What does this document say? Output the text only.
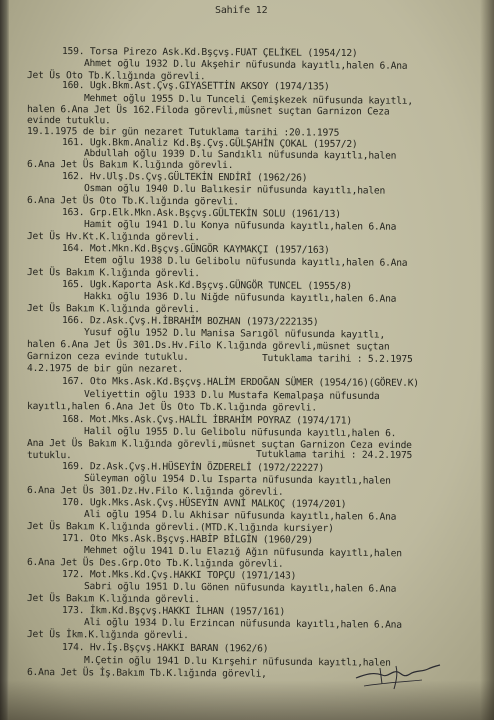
Sahife 12
159. Torsa Pirezo Ask.Kd.Bşçvş.FUAT ÇELİKEL (1954/12)
Ahmet oğlu 1932 D.lu Akşehir nüfusunda kayıtlı,halen 6.Ana
Jet Üs Oto Tb.K.lığında görevli.
160. Ugk.Bkm.Ast.Çvş.GIYASETTİN AKSOY (1974/135)
Mehmet oğlu 1955 D.lu Tunceli Çemişkezek nüfusunda kayıtlı,
halen 6.Ana Jet Üs 162.Filoda görevli,müsnet suçtan Garnizon Ceza
evinde tutuklu.
19.1.1975 de bir gün nezaret Tutuklama tarihi :20.1.1975
161. Ugk.Bkm.Analiz Kd.Bş.Çvş.GÜLŞAHİN ÇOKAL (1957/2)
Abdullah oğlu 1939 D.lu Sandıklı nüfusunda kayıtlı,halen
6.Ana Jet Üs Bakım K.lığında görevli.
162. Hv.Ulş.Ds.Çvş.GÜLTEKİN ENDİRİ (1962/26)
Osman oğlu 1940 D.lu Balıkesir nüfusunda kayıtlı,halen
6.Ana Jet Üs Oto Tb.K.lığında görevli.
163. Grp.Elk.Mkn.Ask.Bşçvş.GÜLTEKİN SOLU (1961/13)
Hamit oğlu 1941 D.lu Konya nüfusunda kayıtlı,halen 6.Ana
Jet Üs Hv.Kt.K.lığında görevli.
164. Mot.Mkn.Kd.Bşçvş.GÜNGÖR KAYMAKÇI (1957/163)
Etem oğlu 1938 D.lu Gelibolu nüfusunda kayıtlı,halen 6.Ana
Jet Üs Bakım K.lığında görevli.
165. Ugk.Kaporta Ask.Kd.Bşçvş.GÜNGÖR TUNCEL (1955/8)
Hakkı oğlu 1936 D.lu Niğde nüfusunda kayıtlı,halen 6.Ana
Jet Üs Bakım K.lığında görevli.
166. Dz.Ask.Çvş.H.İBRAHİM BOZHAN (1973/222135)
Yusuf oğlu 1952 D.lu Manisa Sarıgöl nüfusunda kayıtlı,
halen 6.Ana Jet Üs 301.Ds.Hv.Filo K.lığında görevli,müsnet suçtan
Garnizon ceza evinde tutuklu.	Tutuklama tarihi : 5.2.1975
4.2.1975 de bir gün nezaret.
167. Oto Mks.Ask.Kd.Bşçvş.HALİM ERDOĞAN SÜMER (1954/16)(GÖREV.K)
Veliyettin oğlu 1933 D.lu Mustafa Kemalpaşa nüfusunda
kayıtlı,halen 6.Ana Jet Üs Oto Tb.K.lığında görevli.
168. Mot.Mks.Ask.Çvş.HALİL İBRAHİM POYRAZ (1974/171)
Halil oğlu 1955 D.lu Gelibolu nüfusunda kayıtlı,halen 6.
Ana Jet Üs Bakım K.lığında görevli,müsnet suçtan Garnizon Ceza evinde
tutuklu.	Tutuklama tarihi : 24.2.1975
169. Dz.Ask.Çvş.H.HÜSEYİN ÖZDERELİ (1972/22227)
Süleyman oğlu 1954 D.lu Isparta nüfusunda kayıtlı,halen
6.Ana Jet Üs 301.Dz.Hv.Filo K.lığında görevli.
170. Ugk.Mks.Ask.Çvş.HÜSEYİN AVNİ MALKOÇ (1974/201)
Ali oğlu 1954 D.lu Akhisar nüfusunda kayıtlı,halen 6.Ana
Jet Üs Bakım K.lığında görevli.(MTD.K.lığında kursiyer)
171. Oto Mks.Ask.Bşçvş.HABİP BİLGİN (1960/29)
Mehmet oğlu 1941 D.lu Elazığ Ağın nüfusunda kayıtlı,halen
6.Ana Jet Üs Des.Grp.Oto Tb.K.lığında görevli.
172. Mot.Mks.Kd.Çvş.HAKKI TOPÇU (1971/143)
Sabri oğlu 1951 D.lu Gönen nüfusunda kayıtlı,halen 6.Ana
Jet Üs Bakım K.lığında görevli.
173. İkm.Kd.Bşçvş.HAKKI İLHAN (1957/161)
Ali oğlu 1934 D.lu Erzincan nüfusunda kayıtlı,halen 6.Ana
Jet Üs İkm.K.lığında görevli.
174. Hv.İş.Bşçvş.HAKKI BARAN (1962/6)
M.Çetin oğlu 1941 D.lu Kırşehir nüfusunda kayıtlı,halen
6.Ana Jet Üs İş.Bakım Tb.K.lığında görevli,
